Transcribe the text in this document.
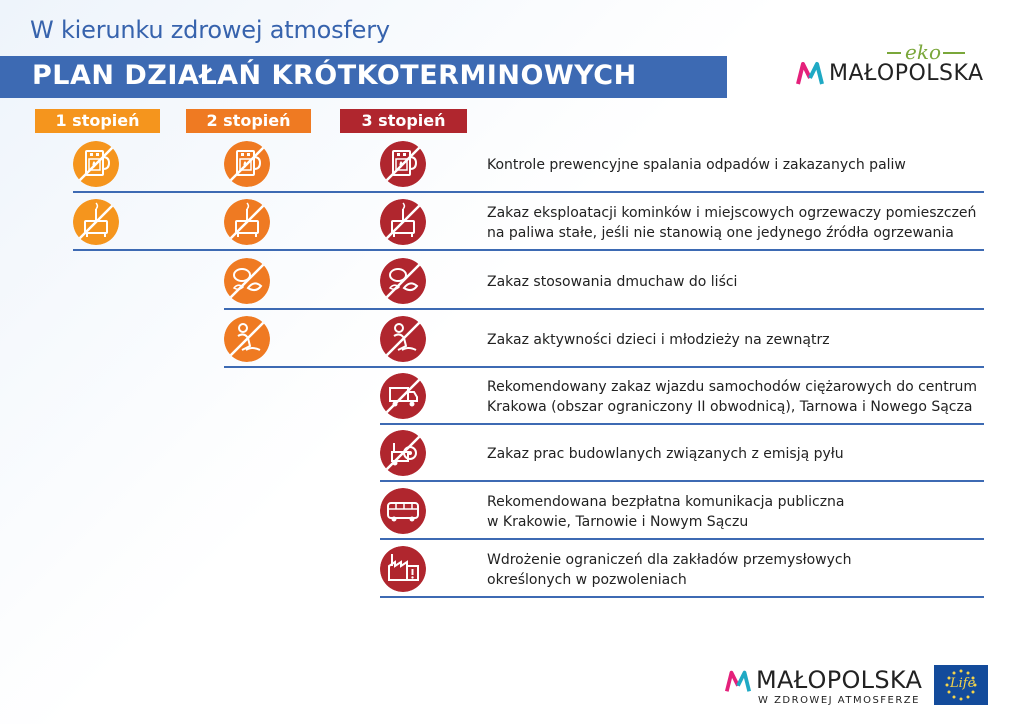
W kierunku zdrowej atmosfery
PLAN DZIAŁAŃ KRÓTKOTERMINOWYCH
eko
MAŁOPOLSKA
1 stopień	2 stopień	3 stopień
Kontrole prewencyjne spalania odpadów i zakazanych paliw
Zakaz eksploatacji kominków i miejscowych ogrzewaczy pomieszczeń
na paliwa stałe, jeśli nie stanowią one jedynego źródła ogrzewania
Zakaz stosowania dmuchaw do liści
Zakaz aktywności dzieci i młodzieży na zewnątrz
Rekomendowany zakaz wjazdu samochodów ciężarowych do centrum
Krakowa (obszar ograniczony II obwodnicą), Tarnowa i Nowego Sącza
Zakaz prac budowlanych związanych z emisją pyłu
Rekomendowana bezpłatna komunikacja publiczna
w Krakowie, Tarnowie i Nowym Sączu
Wdrożenie ograniczeń dla zakładów przemysłowych
określonych w pozwoleniach
MAŁOPOLSKA
W ZDROWEJ ATMOSFERZE
Life
